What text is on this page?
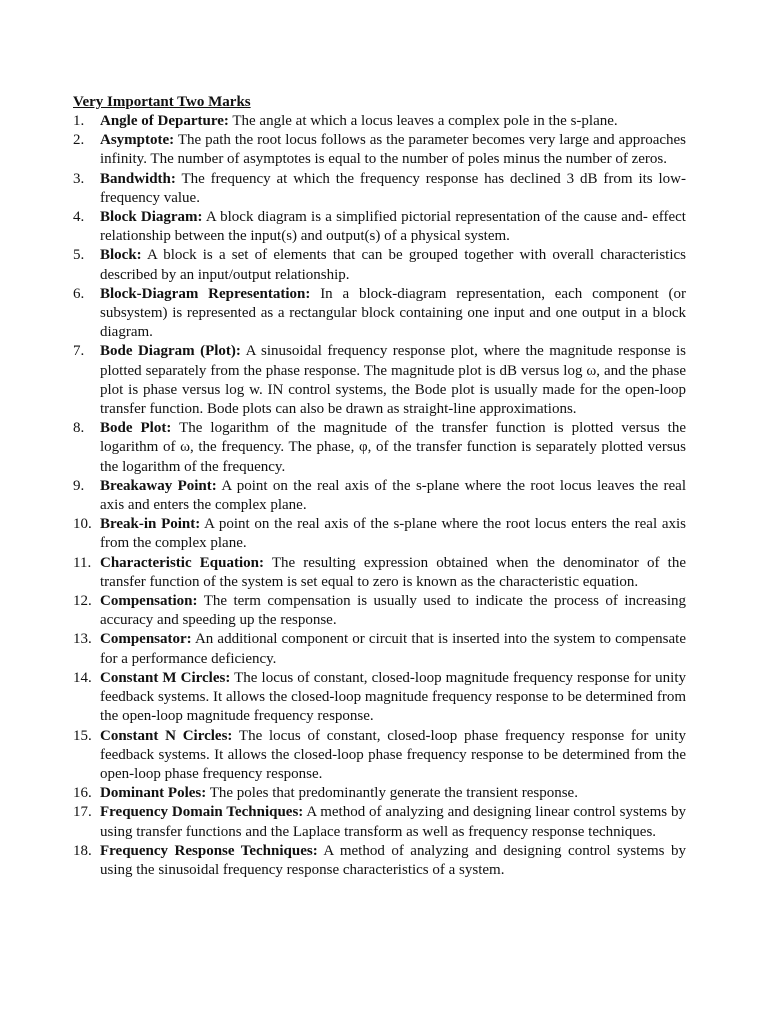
Very Important Two Marks
1.	Angle of Departure: The angle at which a locus leaves a complex pole in the s-plane.
2.	Asymptote: The path the root locus follows as the parameter becomes very large and approaches infinity. The number of asymptotes is equal to the number of poles minus the number of zeros.
3.	Bandwidth: The frequency at which the frequency response has declined 3 dB from its low-frequency value.
4.	Block Diagram: A block diagram is a simplified pictorial representation of the cause and- effect relationship between the input(s) and output(s) of a physical system.
5.	Block: A block is a set of elements that can be grouped together with overall characteristics described by an input/output relationship.
6.	Block-Diagram Representation: In a block-diagram representation, each component (or subsystem) is represented as a rectangular block containing one input and one output in a block diagram.
7.	Bode Diagram (Plot): A sinusoidal frequency response plot, where the magnitude response is plotted separately from the phase response. The magnitude plot is dB versus log ω, and the phase plot is phase versus log w. IN control systems, the Bode plot is usually made for the open-loop transfer function. Bode plots can also be drawn as straight-line approximations.
8.	Bode Plot: The logarithm of the magnitude of the transfer function is plotted versus the logarithm of ω, the frequency. The phase, φ, of the transfer function is separately plotted versus the logarithm of the frequency.
9.	Breakaway Point: A point on the real axis of the s-plane where the root locus leaves the real axis and enters the complex plane.
10. Break-in Point: A point on the real axis of the s-plane where the root locus enters the real axis from the complex plane.
11. Characteristic Equation: The resulting expression obtained when the denominator of the transfer function of the system is set equal to zero is known as the characteristic equation.
12. Compensation: The term compensation is usually used to indicate the process of increasing accuracy and speeding up the response.
13. Compensator: An additional component or circuit that is inserted into the system to compensate for a performance deficiency.
14. Constant M Circles: The locus of constant, closed-loop magnitude frequency response for unity feedback systems. It allows the closed-loop magnitude frequency response to be determined from the open-loop magnitude frequency response.
15. Constant N Circles: The locus of constant, closed-loop phase frequency response for unity feedback systems. It allows the closed-loop phase frequency response to be determined from the open-loop phase frequency response.
16. Dominant Poles: The poles that predominantly generate the transient response.
17. Frequency Domain Techniques: A method of analyzing and designing linear control systems by using transfer functions and the Laplace transform as well as frequency response techniques.
18. Frequency Response Techniques: A method of analyzing and designing control systems by using the sinusoidal frequency response characteristics of a system.
